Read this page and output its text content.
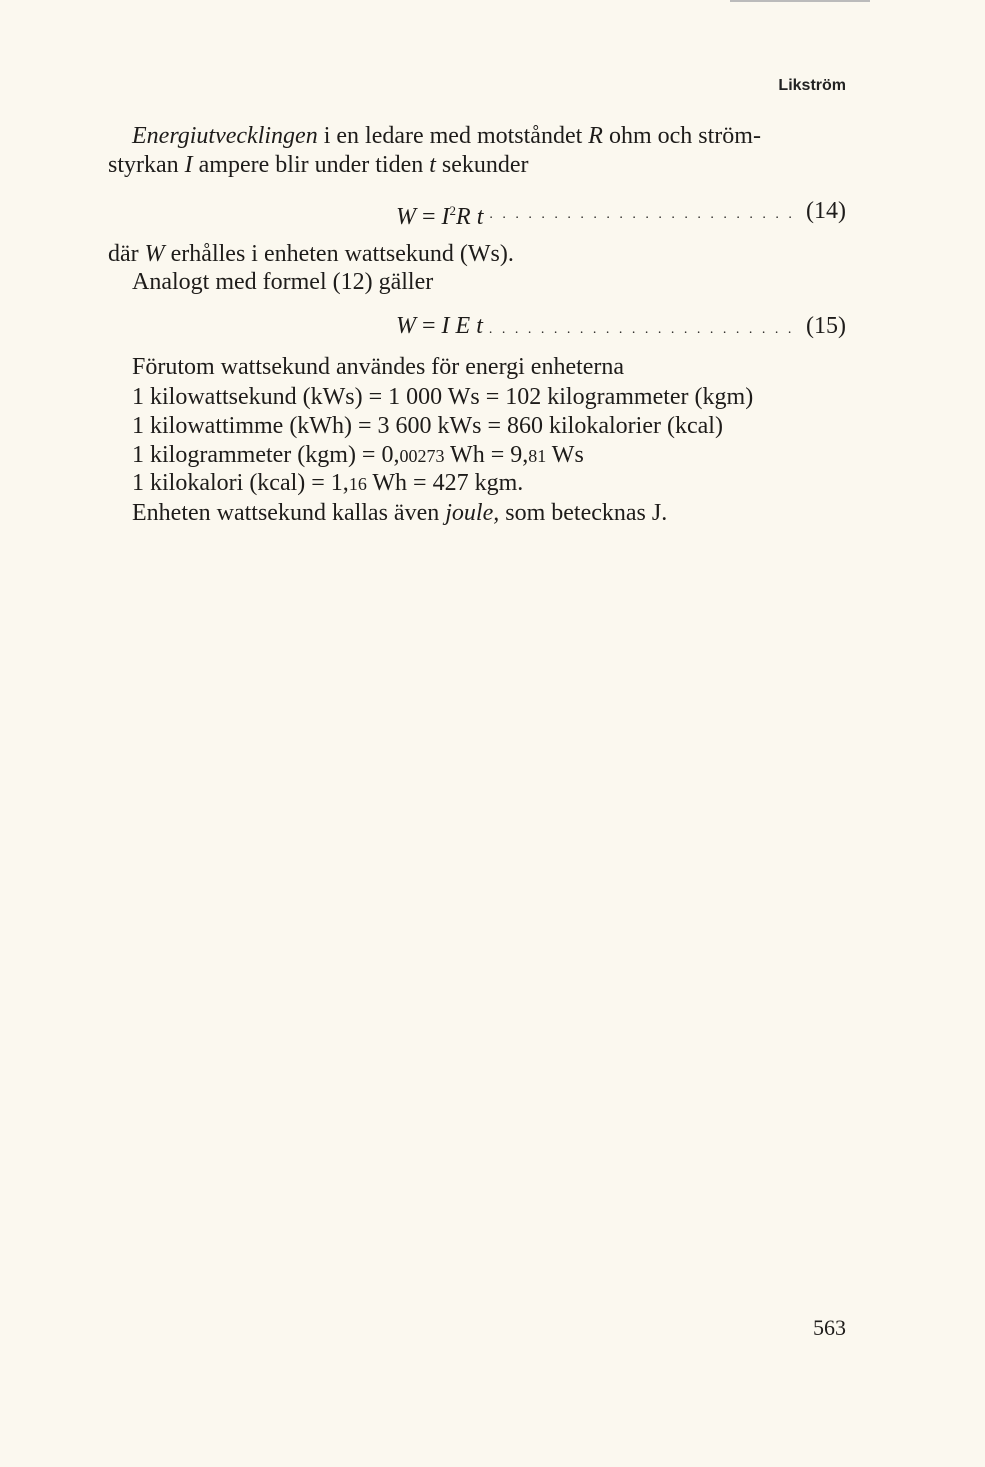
Likström
Energiutvecklingen i en ledare med motståndet R ohm och ström-
styrkan I ampere blir under tiden t sekunder
$W = I^2R$ t . . .	(14)
där W erhålles i enheten wattsekund (Ws).
Analogt med formel (12) gäller
W = I E t . . .	(15)
Förutom wattsekund användes för energi enheterna
1 kilowattsekund (kWs) = 1 000 Ws = 102 kilogrammeter (kgm)
1 kilowattimme (kWh) = 3 600 kWs = 860 kilokalorier (kcal)
1 kilogrammeter (kgm) = 0,00273 Wh = 9,81 Ws
1 kilokalori (kcal) = 1,16 Wh = 427 kgm.
Enheten wattsekund kallas även joule, som betecknas J.
563
